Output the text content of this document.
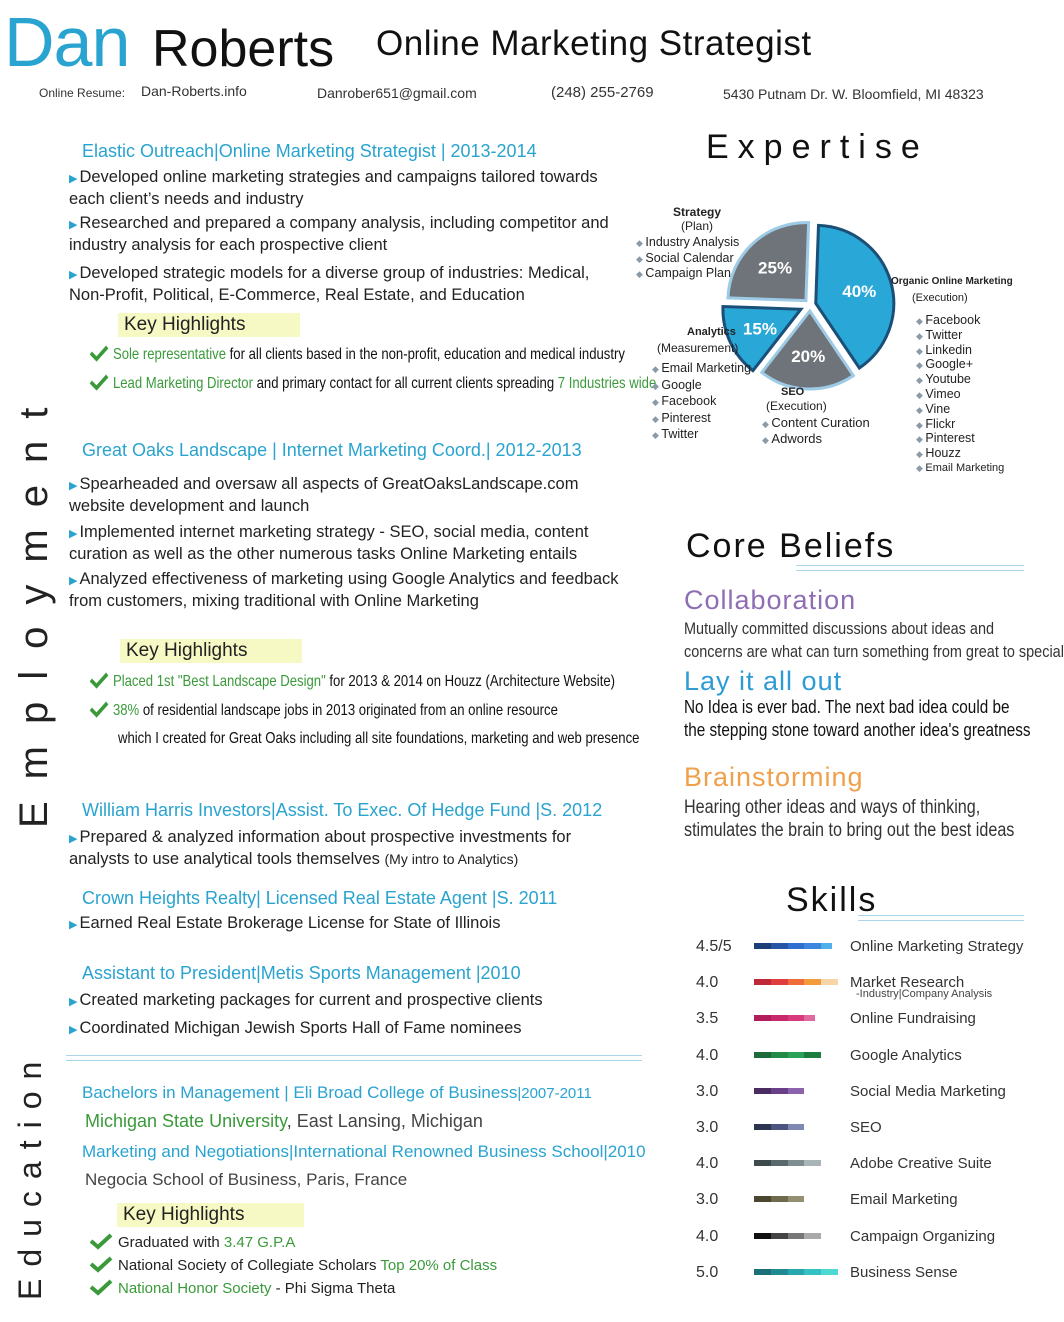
Dan Roberts Online Marketing Strategist
Online Resume: Dan-Roberts.info	Danrober651@gmail.com	(248) 255-2769	5430 Putnam Dr. W. Bloomfield, MI 48323
Employment
Education
Elastic Outreach|Online Marketing Strategist | 2013-2014
▶ Developed online marketing strategies and campaigns tailored towards each client’s needs and industry
▶ Researched and prepared a company analysis, including competitor and industry analysis for each prospective client
▶ Developed strategic models for a diverse group of industries: Medical, Non-Profit, Political, E-Commerce, Real Estate, and Education
Key Highlights
Sole representative for all clients based in the non-profit, education and medical industry
Lead Marketing Director and primary contact for all current clients spreading 7 Industries wide
Great Oaks Landscape | Internet Marketing Coord.| 2012-2013
▶ Spearheaded and oversaw all aspects of GreatOaksLandscape.com website development and launch
▶ Implemented internet marketing strategy - SEO, social media, content curation as well as the other numerous tasks Online Marketing entails
▶ Analyzed effectiveness of marketing using Google Analytics and feedback from customers, mixing traditional with Online Marketing
Key Highlights
Placed 1st "Best Landscape Design" for 2013 & 2014 on Houzz (Architecture Website)
38% of residential landscape jobs in 2013 originated from an online resource
which I created for Great Oaks including all site foundations, marketing and web presence
William Harris Investors|Assist. To Exec. Of Hedge Fund |S. 2012
▶ Prepared & analyzed information about prospective investments for analysts to use analytical tools themselves (My intro to Analytics)
Crown Heights Realty| Licensed Real Estate Agent |S. 2011
▶ Earned Real Estate Brokerage License for State of Illinois
Assistant to President|Metis Sports Management |2010
▶ Created marketing packages for current and prospective clients
▶ Coordinated Michigan Jewish Sports Hall of Fame nominees
Bachelors in Management | Eli Broad College of Business|2007-2011
Michigan State University, East Lansing, Michigan
Marketing and Negotiations|International Renowned Business School|2010
Negocia School of Business, Paris, France
Key Highlights
Graduated with 3.47 G.P.A
National Society of Collegiate Scholars Top 20% of Class
National Honor Society - Phi Sigma Theta
Expertise
40%
20%
15%
25%
Strategy
(Plan)
◆ Industry Analysis
◆ Social Calendar
◆ Campaign Plan
Analytics
(Measurement)
◆ Email Marketing
◆ Google
◆ Facebook
◆ Pinterest
◆ Twitter
SEO
(Execution)
◆ Content Curation
◆ Adwords
Organic Online Marketing
(Execution)
◆ Facebook
◆ Twitter
◆ Linkedin
◆ Google+
◆ Youtube
◆ Vimeo
◆ Vine
◆ Flickr
◆ Pinterest
◆ Houzz
◆ Email Marketing
Core Beliefs
Collaboration
Mutually committed discussions about ideas and
concerns are what can turn something from great to special
Lay it all out
No Idea is ever bad. The next bad idea could be
the stepping stone toward another idea's greatness
Brainstorming
Hearing other ideas and ways of thinking,
stimulates the brain to bring out the best ideas
Skills
4.5/5	Online Marketing Strategy
4.0	Market Research
-Industry|Company Analysis
3.5	Online Fundraising
4.0	Google Analytics
3.0	Social Media Marketing
3.0	SEO
4.0	Adobe Creative Suite
3.0	Email Marketing
4.0	Campaign Organizing
5.0	Business Sense
